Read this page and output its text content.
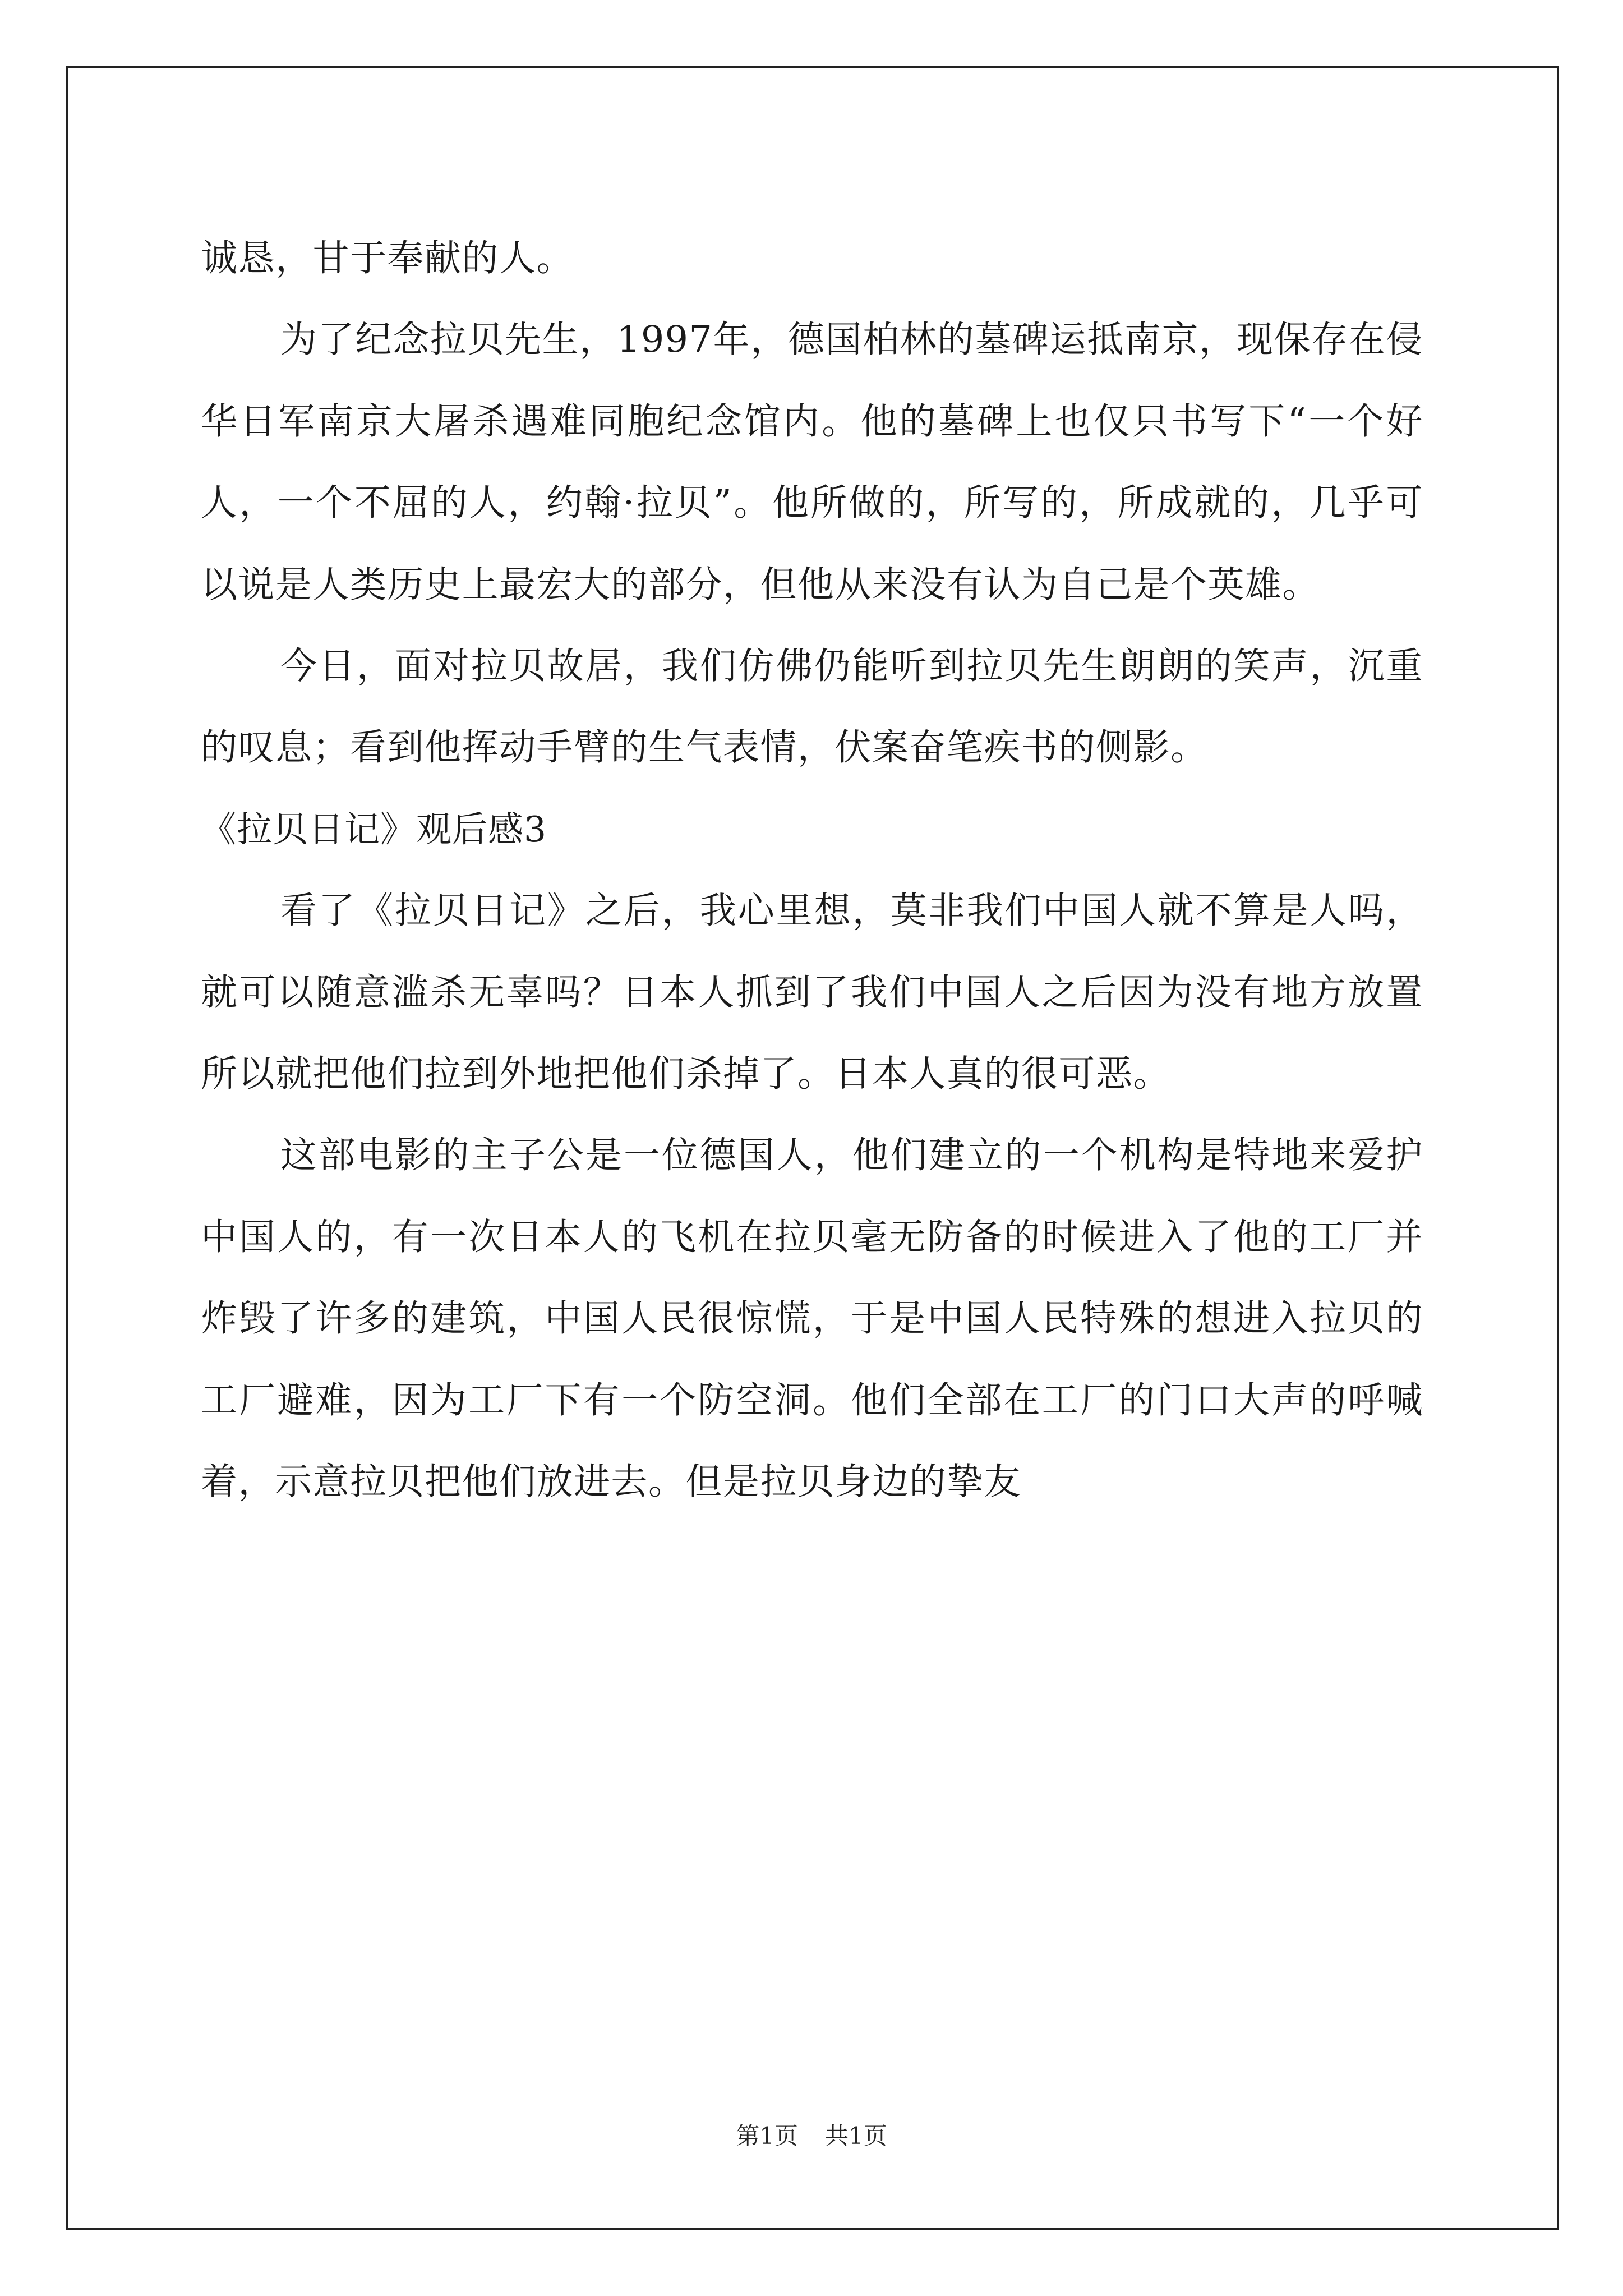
诚恳，甘于奉献的人。

为了纪念拉贝先生，1997年，德国柏林的墓碑运抵南京，现保存在侵华日军南京大屠杀遇难同胞纪念馆内。他的墓碑上也仅只书写下“一个好人，一个不屈的人，约翰·拉贝”。他所做的，所写的，所成就的，几乎可以说是人类历史上最宏大的部分，但他从来没有认为自己是个英雄。

今日，面对拉贝故居，我们仿佛仍能听到拉贝先生朗朗的笑声，沉重的叹息；看到他挥动手臂的生气表情，伏案奋笔疾书的侧影。

《拉贝日记》观后感3

看了《拉贝日记》之后，我心里想，莫非我们中国人就不算是人吗，就可以随意滥杀无辜吗？日本人抓到了我们中国人之后因为没有地方放置所以就把他们拉到外地把他们杀掉了。日本人真的很可恶。

这部电影的主子公是一位德国人，他们建立的一个机构是特地来爱护中国人的，有一次日本人的飞机在拉贝毫无防备的时候进入了他的工厂并炸毁了许多的建筑，中国人民很惊慌，于是中国人民特殊的想进入拉贝的工厂避难，因为工厂下有一个防空洞。他们全部在工厂的门口大声的呼喊着，示意拉贝把他们放进去。但是拉贝身边的挚友

第1页 共1页
